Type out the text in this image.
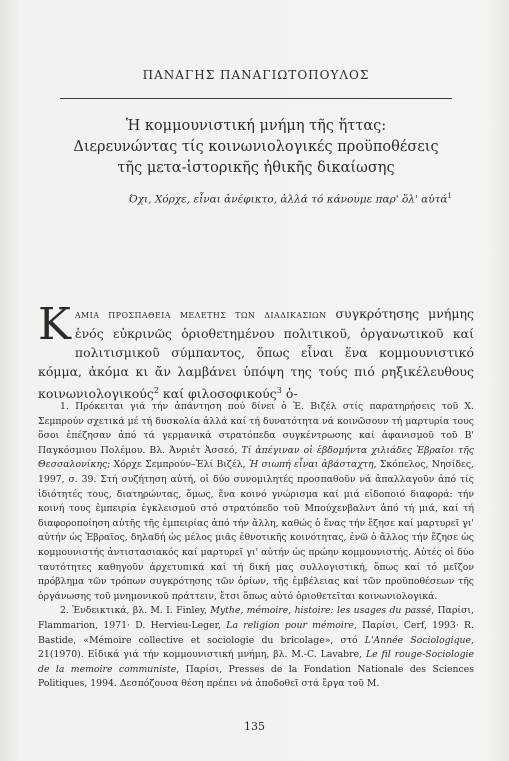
ΠΑΝΑΓΗΣ ΠΑΝΑΓΙΩΤΟΠΟΥΛΟΣ
Ἡ κομμουνιστική μνήμη τῆς ἥττας:
Διερευνώντας τίς κοινωνιολογικές προϋποθέσεις
τῆς μετα-ἱστορικῆς ἠθικῆς δικαίωσης
Όχι, Χόρχε, εἶναι ἀνέφικτο, ἀλλά τό κάνουμε παρ' ὅλ' αὐτά$^1$
Καμια προσπαθεια μελετης των διαδικασιων συγκρότησης μνήμης ἑνός εὐκρινῶς ὁριοθετημένου πολιτικοῦ, ὀργανωτικοῦ καί πολιτισμικοῦ σύμπαντος, ὅπως εἶναι ἕνα κομμουνιστικό κόμμα, ἀκόμα κι ἄν λαμβάνει ὑπόψη της τούς πιό ρηξικέλευθους κοινωνιολογικούς$^2$ καί φιλοσοφικούς$^3$ ὁ-

1. Πρόκειται γιά τήν ἀπάντηση πού δίνει ὁ Ἐ. Βιζέλ στίς παρατηρήσεις τοῦ Χ. Σεμπρούν σχετικά μέ τή δυσκολία ἀλλά καί τή δυνατότητα νά κοινῶσουν τή μαρτυρία τους ὅσοι ἐπέζησαν ἀπό τά γερμανικά στρατόπεδα συγκέντρωσης καί ἀφανισμοῦ τοῦ Β' Παγκόσμιου Πολέμου. Βλ. Ἀνριέτ Ἀσσεό, Τί ἀπέγιναν οἱ ἑβδομήντα χιλιάδες Ἑβραῖοι τῆς Θεσσαλονίκης; Χόρχε Σεμπρούν–Ἐλί Βιζέλ, Ἡ σιωπή εἶναι ἀβάσταχτη, Σκόπελος, Νησίδες, 1997, σ. 39. Στή συζήτηση αὐτή, οἱ δύο συνομιλητές προσπαθοῦν νά ἀπαλλαγοῦν ἀπό τίς ἰδιότητές τους, διατηρώντας, ὅμως, ἕνα κοινό γνώρισμα καί μιά εἰδοποιό διαφορά: τήν κοινή τους ἐμπειρία ἐγκλεισμοῦ στό στρατόπεδο τοῦ Μπούχενβαλντ ἀπό τή μιά, καί τή διαφοροποίηση αὐτῆς τῆς ἐμπειρίας ἀπό τήν ἄλλη, καθώς ὁ ἕνας τήν ἔζησε καί μαρτυρεῖ γι' αὐτήν ὡς Ἑβραῖος, δηλαδή ὡς μέλος μιᾶς ἐθνοτικῆς κοινότητας, ἐνῶ ὁ ἄλλος τήν ἔζησε ὡς κομμουνιστής ἀντιστασιακός καί μαρτυρεῖ γι' αὐτήν ὡς πρώην κομμουνιστής. Αὐτές οἱ δύο ταυτότητες καθηγοῦν ἀρχετυπικά καί τή δική μας συλλογιστική, ὅπως καί τό μεῖζον πρόβλημα τῶν τρόπων συγκρότησης τῶν ὁρίων, τῆς ἐμβέλειας καί τῶν προϋποθέσεων τῆς ὀργάνωσης τοῦ μνημονικοῦ πράττειν, ἔτσι ὅπως αὐτό ὁριοθετεῖται κοινωνιολογικά.

2. Ἐνδεικτικά, βλ. M. I. Finley, Mythe, mémoire, histoire: les usages du passé, Παρίσι, Flammarion, 1971· D. Hervieu-Leger, La religion pour mémoire, Παρίσι, Cerf, 1993· R. Bastide, «Mémoire collective et sociologie du bricolage», στό L'Année Sociologique, 21(1970). Εἰδικά γιά τήν κομμουνιστική μνήμη, βλ. M.-C. Lavabre, Le fil rouge-Sociologie de la memoire communiste, Παρίσι, Presses de la Fondation Nationale des Sciences Politiques, 1994. Δεσπόζουσα θέση πρέπει νά ἀποδοθεῖ στά ἔργα τοῦ M.

135
